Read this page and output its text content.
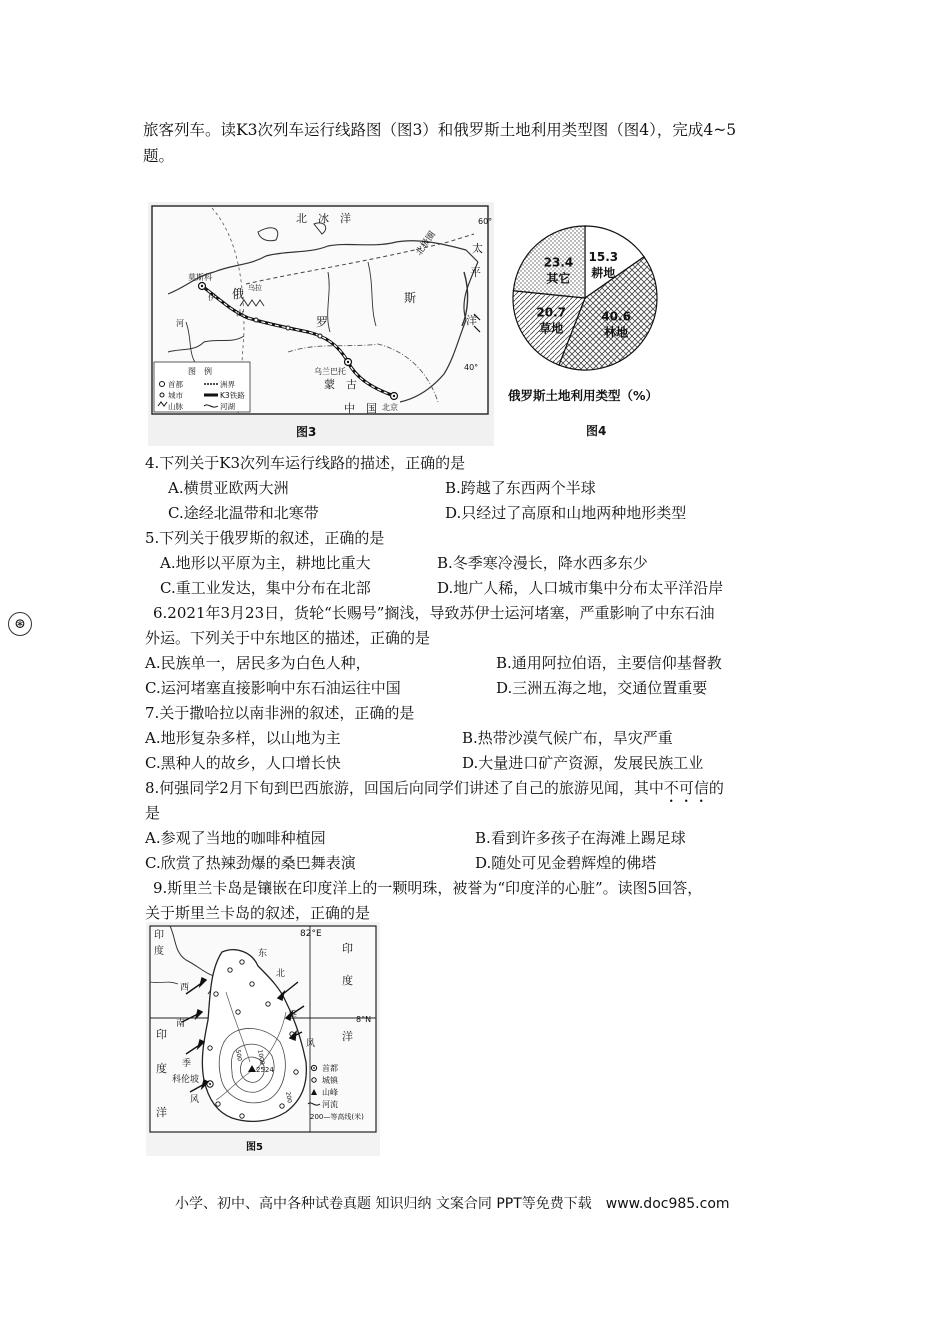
旅客列车。读K3次列车运行线路图（图3）和俄罗斯土地利用类型图（图4），完成4~5
题。
北　冰　洋
北极圈
60°
40°
太
平
洋
俄
罗
斯
莫斯科
伊
山
乌拉
河
乌兰巴托
蒙　古
中　国 北京
图　例
首都	洲界
城市	K3铁路
山脉	河湖
图3
15.3
耕地
40.6
林地
20.7
草地
23.4
其它
俄罗斯土地利用类型（%）
图4
4.下列关于K3次列车运行线路的描述，正确的是
A.横贯亚欧两大洲	B.跨越了东西两个半球
C.途经北温带和北寒带	D.只经过了高原和山地两种地形类型
5.下列关于俄罗斯的叙述，正确的是
A.地形以平原为主，耕地比重大	B.冬季寒冷漫长，降水西多东少
C.重工业发达，集中分布在北部	D.地广人稀，人口城市集中分布太平洋沿岸
⊛
6.2021年3月23日，货轮“长赐号”搁浅，导致苏伊士运河堵塞，严重影响了中东石油
外运。下列关于中东地区的描述，正确的是
A.民族单一，居民多为白色人种，	B.通用阿拉伯语，主要信仰基督教
C.运河堵塞直接影响中东石油运往中国	D.三洲五海之地，交通位置重要
7.关于撒哈拉以南非洲的叙述，正确的是
A.地形复杂多样，以山地为主	B.热带沙漠气候广布，旱灾严重
C.黑种人的故乡，人口增长快	D.大量进口矿产资源，发展民族工业
8.何强同学2月下旬到巴西旅游，回国后向同学们讲述了自己的旅游见闻，其中不可信的
是
A.参观了当地的咖啡种植园	B.看到许多孩子在海滩上踢足球
C.欣赏了热辣劲爆的桑巴舞表演	D.随处可见金碧辉煌的佛塔
9.斯里兰卡岛是镶嵌在印度洋上的一颗明珠，被誉为“印度洋的心脏”。读图5回答，
关于斯里兰卡岛的叙述，正确的是
82°E
8°N
印
度	印
度
洋
印
度
洋
东
北
季
风
西
南
季
科伦坡
风
2524
1000
500
200
首都
城镇
山峰
河流
200—等高线(米)
图5
小学、初中、高中各种试卷真题 知识归纳 文案合同 PPT等免费下载　www.doc985.com
